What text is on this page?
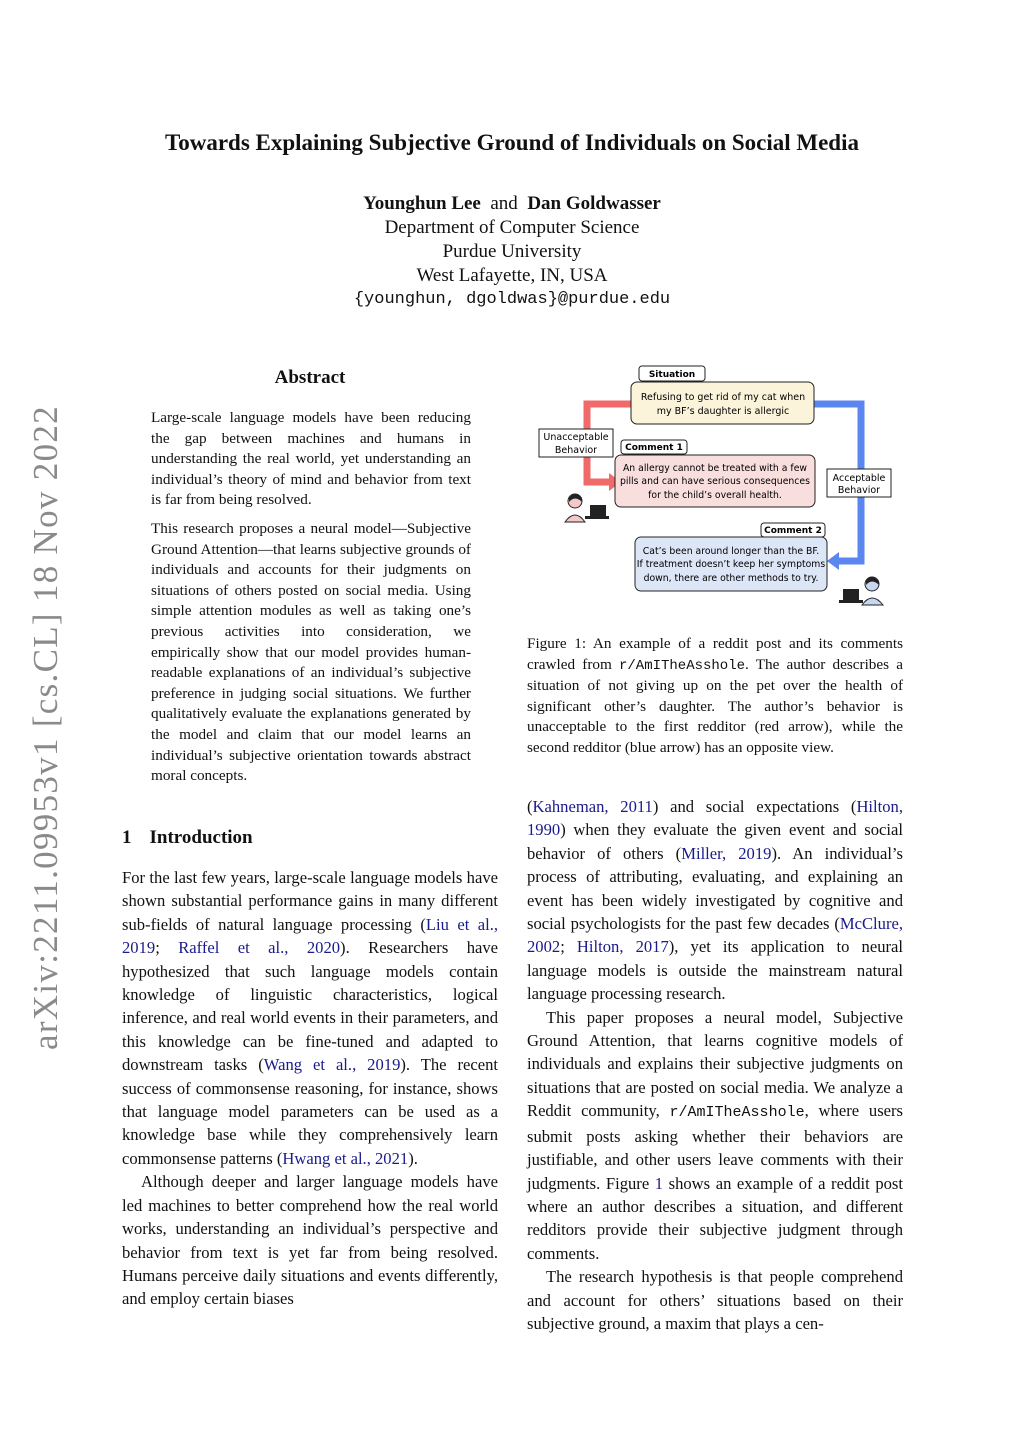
arXiv:2211.09953v1 [cs.CL] 18 Nov 2022
Towards Explaining Subjective Ground of Individuals on Social Media
Younghun Lee and Dan Goldwasser
Department of Computer Science
Purdue University
West Lafayette, IN, USA
{younghun, dgoldwas}@purdue.edu
Abstract

Large-scale language models have been reducing the gap between machines and humans in understanding the real world, yet understanding an individual’s theory of mind and behavior from text is far from being resolved.

This research proposes a neural model—Subjective Ground Attention—that learns subjective grounds of individuals and accounts for their judgments on situations of others posted on social media. Using simple attention modules as well as taking one’s previous activities into consideration, we empirically show that our model provides human-readable explanations of an individual’s subjective preference in judging social situations. We further qualitatively evaluate the explanations generated by the model and claim that our model learns an individual’s subjective orientation towards abstract moral concepts.

1 Introduction

For the last few years, large-scale language models have shown substantial performance gains in many different sub-fields of natural language processing (Liu et al., 2019; Raffel et al., 2020). Researchers have hypothesized that such language models contain knowledge of linguistic characteristics, logical inference, and real world events in their parameters, and this knowledge can be fine-tuned and adapted to downstream tasks (Wang et al., 2019). The recent success of commonsense reasoning, for instance, shows that language model parameters can be used as a knowledge base while they comprehensively learn commonsense patterns (Hwang et al., 2021).

Although deeper and larger language models have led machines to better comprehend how the real world works, understanding an individual’s perspective and behavior from text is yet far from being resolved. Humans perceive daily situations and events differently, and employ certain biases

Situation
Refusing to get rid of my cat when
my BF’s daughter is allergic
Unacceptable
Behavior	Comment 1
An allergy cannot be treated with a few
pills and can have serious consequences
for the child’s overall health.
Acceptable
Behavior
Comment 2
Cat’s been around longer than the BF.
If treatment doesn’t keep her symptoms
down, there are other methods to try.
Figure 1: An example of a reddit post and its comments crawled from r/AmITheAsshole. The author describes a situation of not giving up on the pet over the health of significant other’s daughter. The author’s behavior is unacceptable to the first redditor (red arrow), while the second redditor (blue arrow) has an opposite view.

(Kahneman, 2011) and social expectations (Hilton, 1990) when they evaluate the given event and social behavior of others (Miller, 2019). An individual’s process of attributing, evaluating, and explaining an event has been widely investigated by cognitive and social psychologists for the past few decades (McClure, 2002; Hilton, 2017), yet its application to neural language models is outside the mainstream natural language processing research.

This paper proposes a neural model, Subjective Ground Attention, that learns cognitive models of individuals and explains their subjective judgments on situations that are posted on social media. We analyze a Reddit community, r/AmITheAsshole, where users submit posts asking whether their behaviors are justifiable, and other users leave comments with their judgments. Figure 1 shows an example of a reddit post where an author describes a situation, and different redditors provide their subjective judgment through comments.

The research hypothesis is that people comprehend and account for others’ situations based on their subjective ground, a maxim that plays a cen-
